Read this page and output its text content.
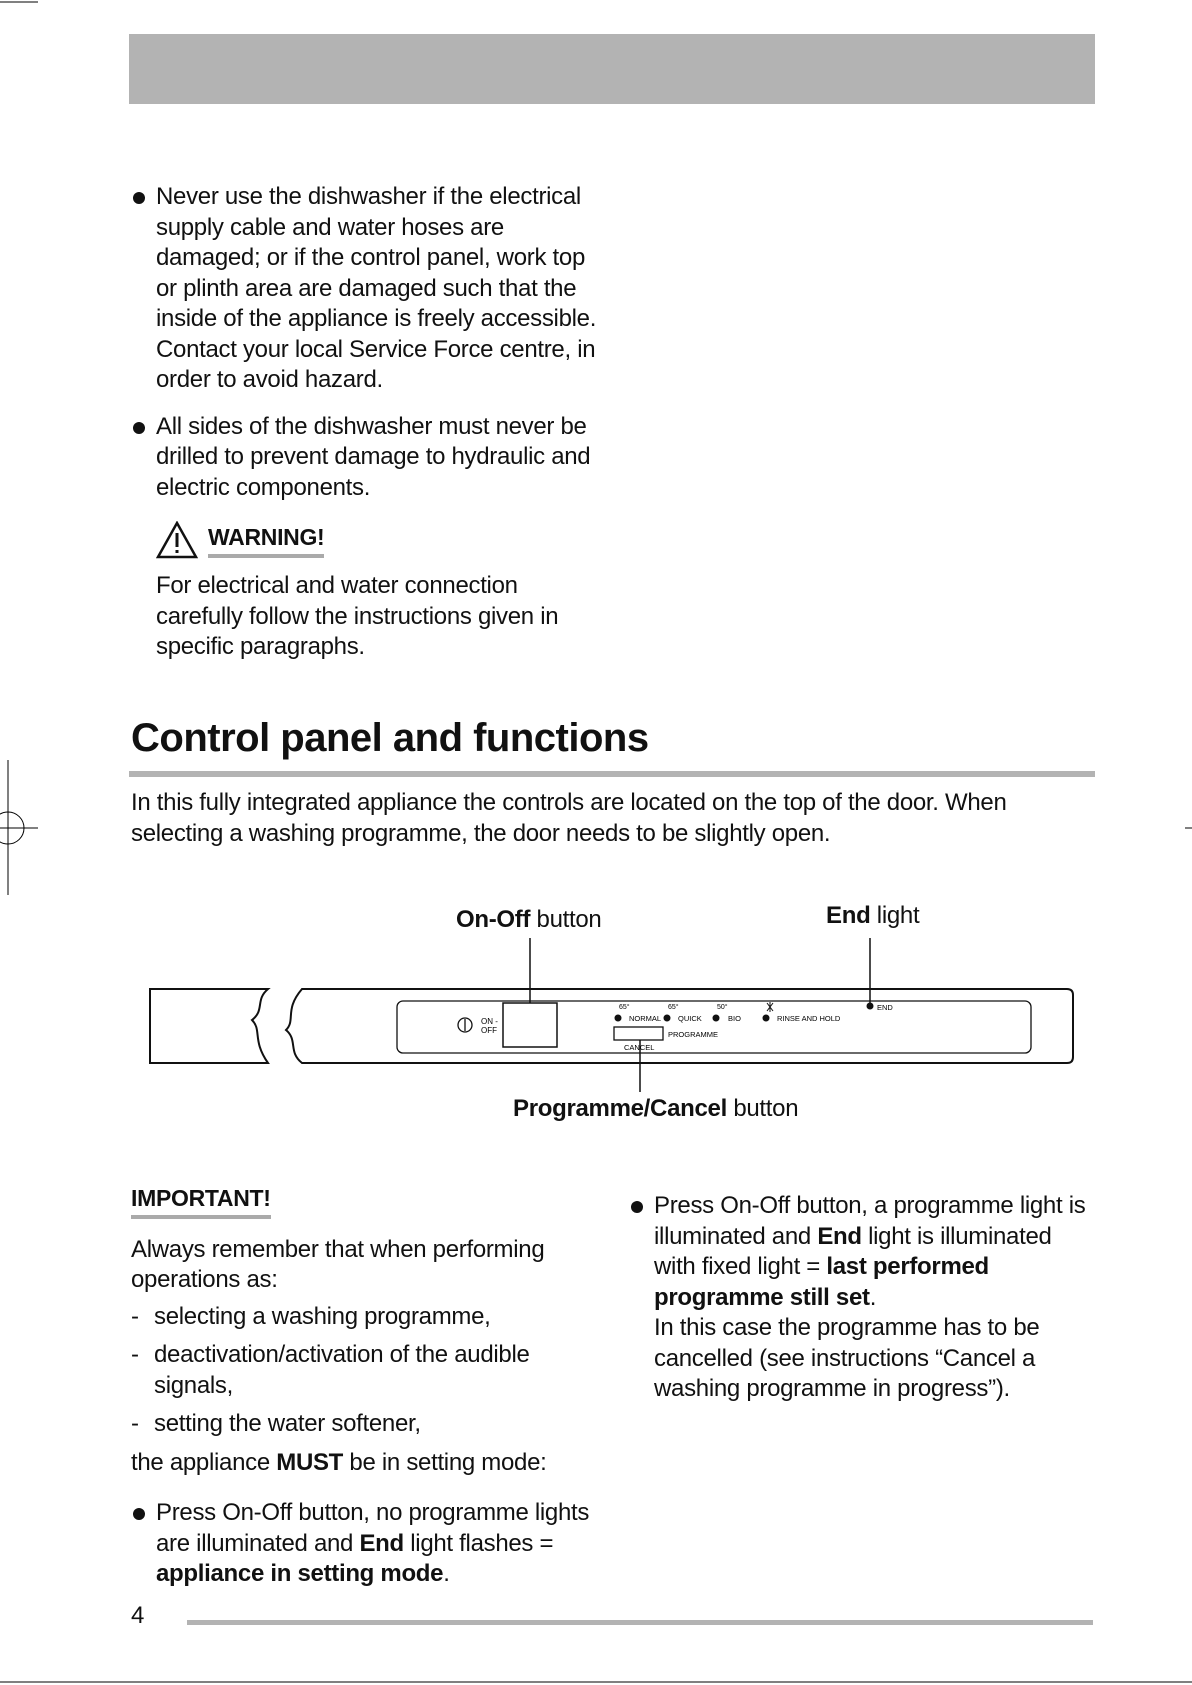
Never use the dishwasher if the electrical supply cable and water hoses are damaged; or if the control panel, work top or plinth area are damaged such that the inside of the appliance is freely accessible. Contact your local Service Force centre, in order to avoid hazard.

All sides of the dishwasher must never be drilled to prevent damage to hydraulic and electric components.

WARNING!

For electrical and water connection carefully follow the instructions given in specific paragraphs.

Control panel and functions

In this fully integrated appliance the controls are located on the top of the door. When selecting a washing programme, the door needs to be slightly open.

On-Off button	End light
Programme/Cancel button
ON -
OFF
65°	65°	50°
NORMAL QUICK	BIO	RINSE AND HOLD
END
PROGRAMME
CANCEL
IMPORTANT!

Always remember that when performing operations as:

- selecting a washing programme,
- deactivation/activation of the audible signals,
- setting the water softener,

the appliance MUST be in setting mode:

Press On-Off button, no programme lights are illuminated and End light flashes = appliance in setting mode.

Press On-Off button, a programme light is illuminated and End light is illuminated with fixed light = last performed programme still set.

In this case the programme has to be cancelled (see instructions “Cancel a washing programme in progress”).

4
